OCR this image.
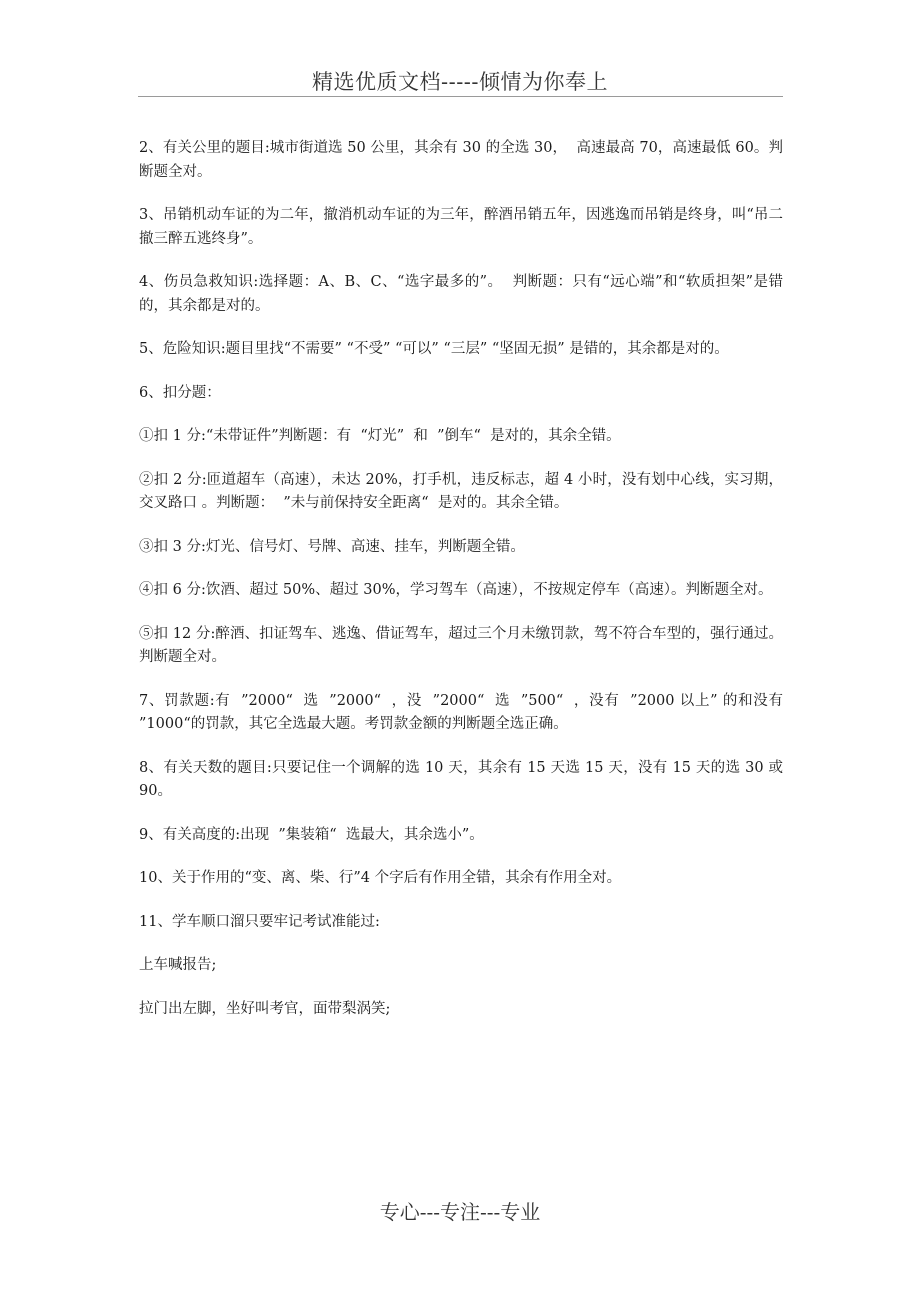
精选优质文档-----倾情为你奉上

2、有关公里的题目:城市街道选 50 公里，其余有 30 的全选 30，  高速最高 70，高速最低 60。判断题全对。

3、吊销机动车证的为二年，撤消机动车证的为三年，醉酒吊销五年，因逃逸而吊销是终身，叫“吊二撤三醉五逃终身”。

4、伤员急救知识:选择题：A、B、C、“选字最多的”。  判断题：只有“远心端”和“软质担架”是错的，其余都是对的。

5、危险知识:题目里找“不需要” “不受” “可以” “三层” “坚固无损” 是错的，其余都是对的。

6、扣分题：

①扣 1 分:“未带证件”判断题：有  “灯光”  和  ”倒车“  是对的，其余全错。

②扣 2 分:匝道超车（高速），未达 20%，打手机，违反标志，超 4 小时，没有划中心线，实习期，交叉路口 。判断题：  ”未与前保持安全距离“  是对的。其余全错。

③扣 3 分:灯光、信号灯、号牌、高速、挂车，判断题全错。

④扣 6 分:饮酒、超过 50%、超过 30%，学习驾车（高速），不按规定停车（高速）。判断题全对。

⑤扣 12 分:醉酒、扣证驾车、逃逸、借证驾车，超过三个月未缴罚款，驾不符合车型的，强行通过。判断题全对。

7、罚款题:有  ”2000“  选  ”2000“  ，没  ”2000“  选  ”500“  ，没有  ”2000 以上” 的和没有  ”1000“的罚款，其它全选最大题。考罚款金额的判断题全选正确。

8、有关天数的题目:只要记住一个调解的选 10 天，其余有 15 天选 15 天，没有 15 天的选 30 或 90。

9、有关高度的:出现  ”集装箱“  选最大，其余选小”。

10、关于作用的“变、离、柴、行”4 个字后有作用全错，其余有作用全对。

11、学车顺口溜只要牢记考试准能过:

上车喊报告;

拉门出左脚，坐好叫考官，面带梨涡笑;

专心---专注---专业
